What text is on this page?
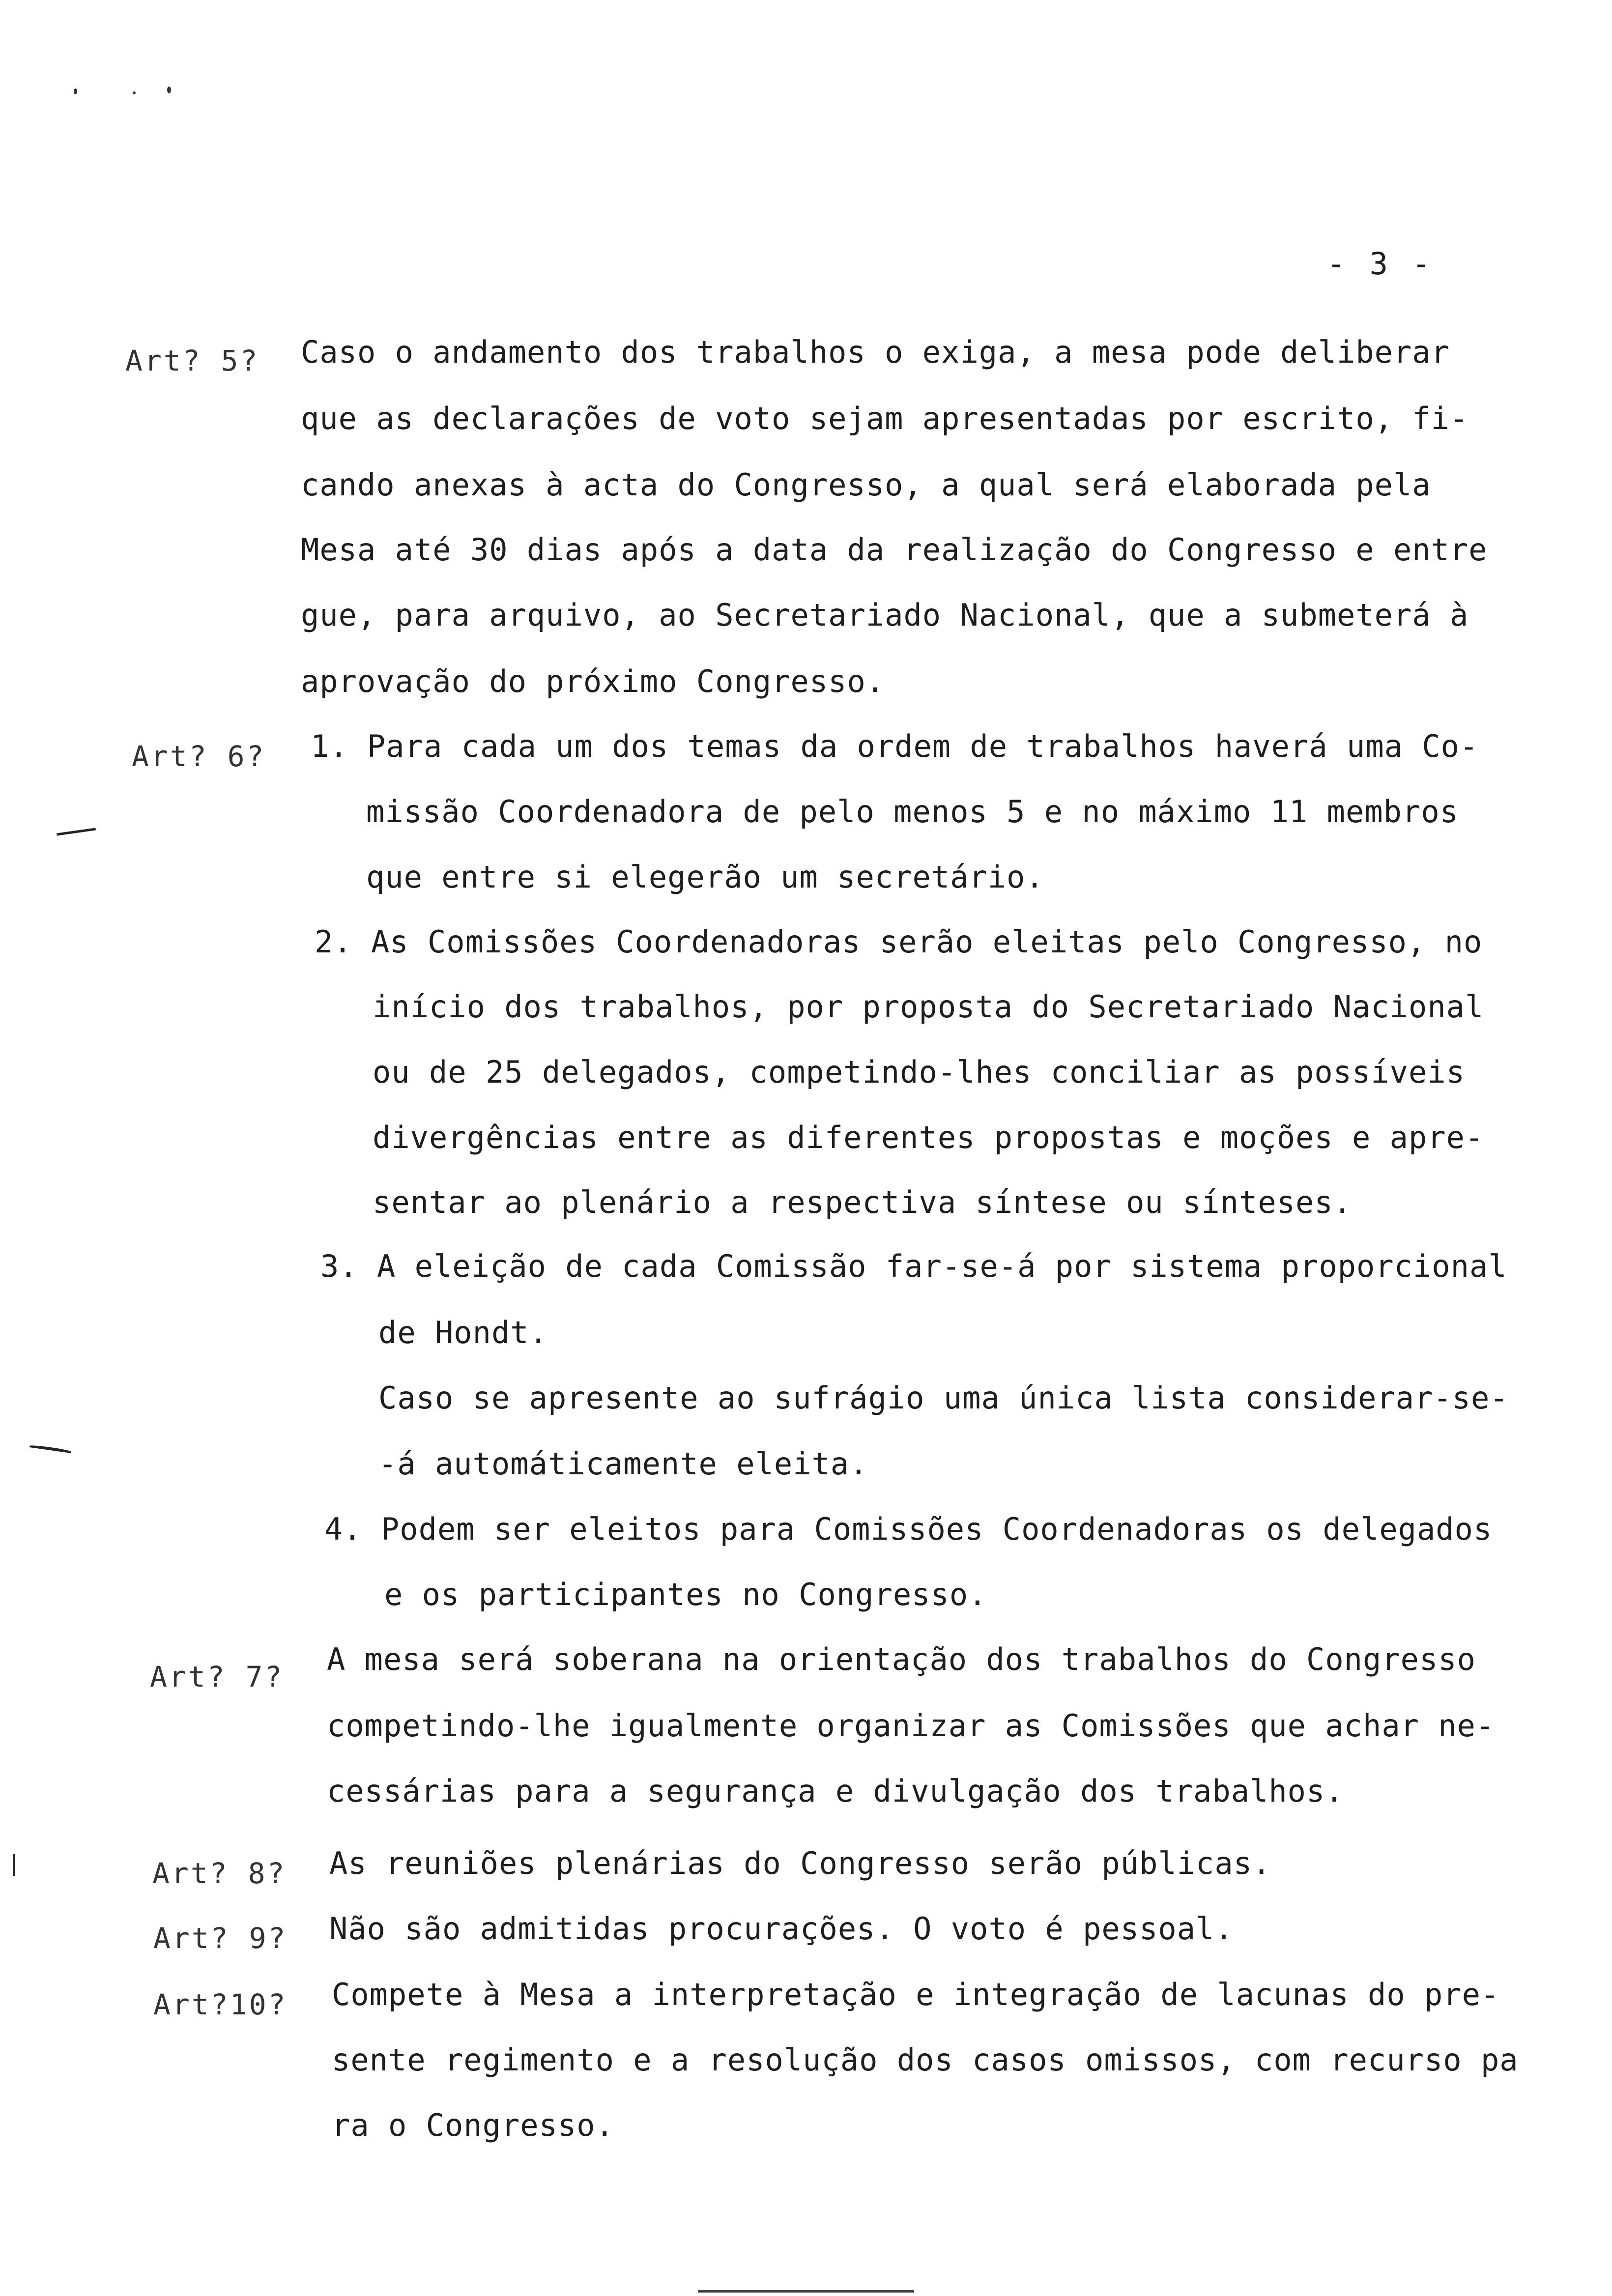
- 3 -
Art? 5? Caso o andamento dos trabalhos o exiga, a mesa pode deliberar
que as declarações de voto sejam apresentadas por escrito, fi-
cando anexas à acta do Congresso, a qual será elaborada pela
Mesa até 30 dias após a data da realização do Congresso e entre
gue, para arquivo, ao Secretariado Nacional, que a submeterá à
aprovação do próximo Congresso.
Art? 6? 1. Para cada um dos temas da ordem de trabalhos haverá uma Co-
missão Coordenadora de pelo menos 5 e no máximo 11 membros
que entre si elegerão um secretário.
2. As Comissões Coordenadoras serão eleitas pelo Congresso, no
início dos trabalhos, por proposta do Secretariado Nacional
ou de 25 delegados, competindo-lhes conciliar as possíveis
divergências entre as diferentes propostas e moções e apre-
sentar ao plenário a respectiva síntese ou sínteses.
3. A eleição de cada Comissão far-se-á por sistema proporcional
de Hondt.
Caso se apresente ao sufrágio uma única lista considerar-se-
-á automáticamente eleita.
4. Podem ser eleitos para Comissões Coordenadoras os delegados
e os participantes no Congresso.
Art? 7? A mesa será soberana na orientação dos trabalhos do Congresso
competindo-lhe igualmente organizar as Comissões que achar ne-
cessárias para a segurança e divulgação dos trabalhos.
Art? 8? As reuniões plenárias do Congresso serão públicas.
Art? 9? Não são admitidas procurações. O voto é pessoal.
Art?10? Compete à Mesa a interpretação e integração de lacunas do pre-
sente regimento e a resolução dos casos omissos, com recurso pa
ra o Congresso.
